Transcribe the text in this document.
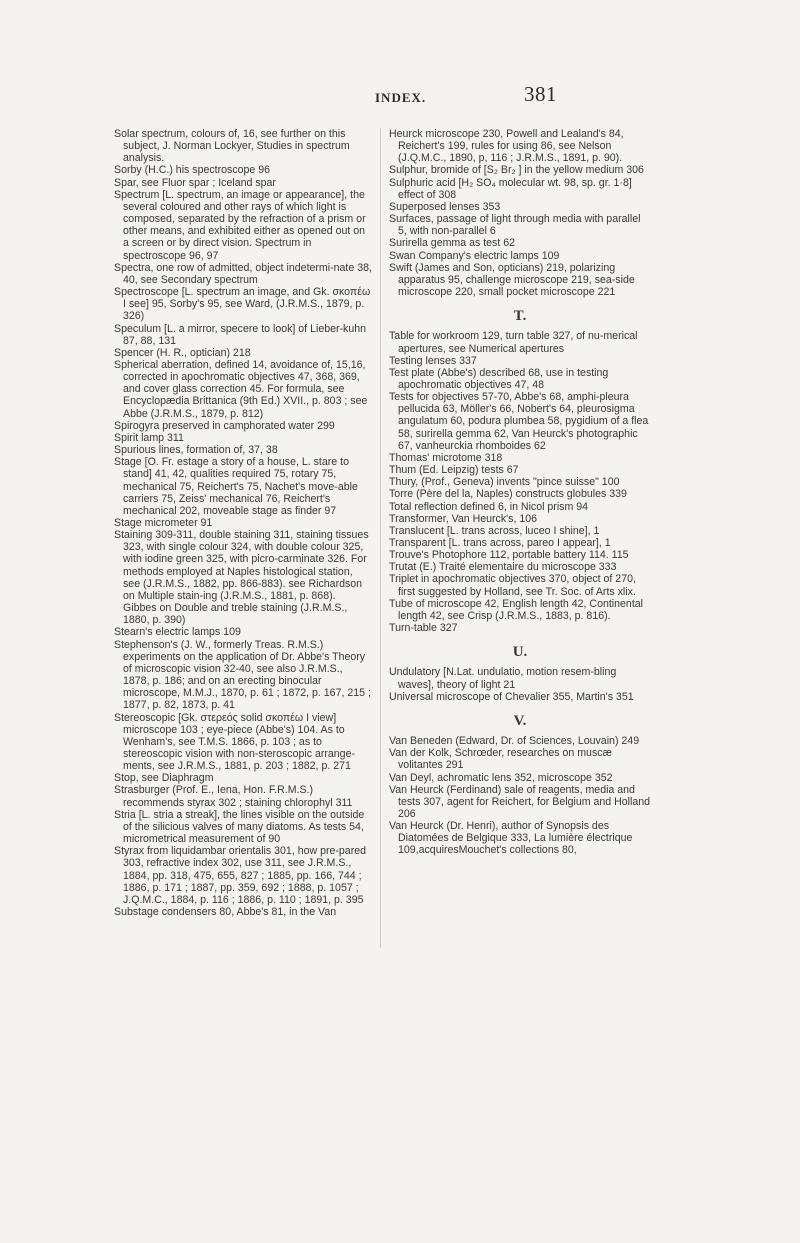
INDEX.	381

Solar spectrum, colours of, 16, see further on this subject, J. Norman Lockyer, Studies in spectrum analysis.

Sorby (H.C.) his spectroscope 96

Spar, see Fluor spar ; Iceland spar

Spectrum [L. spectrum, an image or appearance], the several coloured and other rays of which light is composed, separated by the refraction of a prism or other means, and exhibited either as opened out on a screen or by direct vision. Spectrum in spectroscope 96, 97

Spectra, one row of admitted, object indetermi-nate 38, 40, see Secondary spectrum

Spectroscope [L. spectrum an image, and Gk. σκοπέω I see] 95, Sorby's 95, see Ward, (J.R.M.S., 1879, p. 326)

Speculum [L. a mirror, specere to look] of Lieber-kuhn 87, 88, 131

Spencer (H. R., optician) 218

Spherical aberration, defined 14, avoidance of, 15,16, corrected in apochromatic objectives 47, 368, 369, and cover glass correction 45. For formula, see Encyclopædia Brittanica (9th Ed.) XVII., p. 803 ; see Abbe (J.R.M.S., 1879, p. 812)

Spirogyra preserved in camphorated water 299

Spirit lamp 311

Spurious lines, formation of, 37, 38

Stage [O. Fr. estage a story of a house, L. stare to stand] 41, 42, qualities required 75, rotary 75, mechanical 75, Reichert's 75, Nachet's move-able carriers 75, Zeiss' mechanical 76, Reichert's mechanical 202, moveable stage as finder 97

Stage micrometer 91

Staining 309-311, double staining 311, staining tissues 323, with single colour 324, with double colour 325, with iodine green 325, with picro-carminate 326. For methods employed at Naples histological station, see (J.R.M.S., 1882, pp. 866-883). see Richardson on Multiple stain-ing (J.R.M.S., 1881, p. 868). Gibbes on Double and treble staining (J.R.M.S., 1880, p. 390)

Stearn's electric lamps 109

Stephenson's (J. W., formerly Treas. R.M.S.) experiments on the application of Dr. Abbe's Theory of microscopic vision 32-40, see also J.R.M.S., 1878, p. 186; and on an erecting binocular microscope, M.M.J., 1870, p. 61 ; 1872, p. 167, 215 ; 1877, p. 82, 1873, p. 41

Stereoscopic [Gk. στερεός solid σκοπέω I view] microscope 103 ; eye-piece (Abbe's) 104. As to Wenham's, see T.M.S. 1866, p. 103 ; as to stereoscopic vision with non-steroscopic arrange-ments, see J.R.M.S., 1881, p. 203 ; 1882, p. 271

Stop, see Diaphragm

Strasburger (Prof. E., Iena, Hon. F.R.M.S.) recommends styrax 302 ; staining chlorophyl 311

Stria [L. stria a streak], the lines visible on the outside of the silicious valves of many diatoms. As tests 54, micrometrical measurement of 90

Styrax from liquidambar orientalis 301, how pre-pared 303, refractive index 302, use 311, see J.R.M.S., 1884, pp. 318, 475, 655, 827 ; 1885, pp. 166, 744 ; 1886, p. 171 ; 1887, pp. 359, 692 ; 1888, p. 1057 ; J.Q.M.C., 1884, p. 116 ; 1886, p. 110 ; 1891, p. 395

Substage condensers 80, Abbe's 81, in the Van

Heurck microscope 230, Powell and Lealand's 84, Reichert's 199, rules for using 86, see Nelson (J.Q.M.C., 1890, p, 116 ; J.R.M.S., 1891, p. 90).

Sulphur, bromide of [S₂ Br₂ ] in the yellow medium 306

Sulphuric acid [H₂ SO₄ molecular wt. 98, sp. gr. 1·8] effect of 308

Superposed lenses 353

Surfaces, passage of light through media with parallel 5, with non-parallel 6

Surirella gemma as test 62

Swan Company's electric lamps 109

Swift (James and Son, opticians) 219, polarizing apparatus 95, challenge microscope 219, sea-side microscope 220, small pocket microscope 221

T.

Table for workroom 129, turn table 327, of nu-merical apertures, see Numerical apertures

Testing lenses 337

Test plate (Abbe's) described 68, use in testing apochromatic objectives 47, 48

Tests for objectives 57-70, Abbe's 68, amphi-pleura pellucida 63, Möller's 66, Nobert's 64, pleurosigma angulatum 60, podura plumbea 58, pygidium of a flea 58, surirella gemma 62, Van Heurck's photographic 67, vanheurckia rhomboides 62

Thomas' microtome 318

Thum (Ed. Leipzig) tests 67

Thury, (Prof., Geneva) invents "pince suisse" 100

Torre (Père del la, Naples) constructs globules 339

Total reflection defined 6, in Nicol prism 94

Transformer, Van Heurck's, 106

Translucent [L. trans across, luceo I shine], 1

Transparent [L. trans across, pareo I appear], 1

Trouve's Photophore 112, portable battery 114. 115

Trutat (E.) Traité elementaire du microscope 333

Triplet in apochromatic objectives 370, object of 270, first suggested by Holland, see Tr. Soc. of Arts xlix.

Tube of microscope 42, English length 42, Continental length 42, see Crisp (J.R.M.S., 1883, p. 816).

Turn-table 327

U.

Undulatory [N.Lat. undulatio, motion resem-bling waves], theory of light 21

Universal microscope of Chevalier 355, Martin's 351

V.

Van Beneden (Edward, Dr. of Sciences, Louvain) 249

Van der Kolk, Schrœder, researches on muscæ volitantes 291

Van Deyl, achromatic lens 352, microscope 352

Van Heurck (Ferdinand) sale of reagents, media and tests 307, agent for Reichert, for Belgium and Holland 206

Van Heurck (Dr. Henri), author of Synopsis des Diatomées de Belgique 333, La lumière électrique 109,acquiresMouchet's collections 80,
